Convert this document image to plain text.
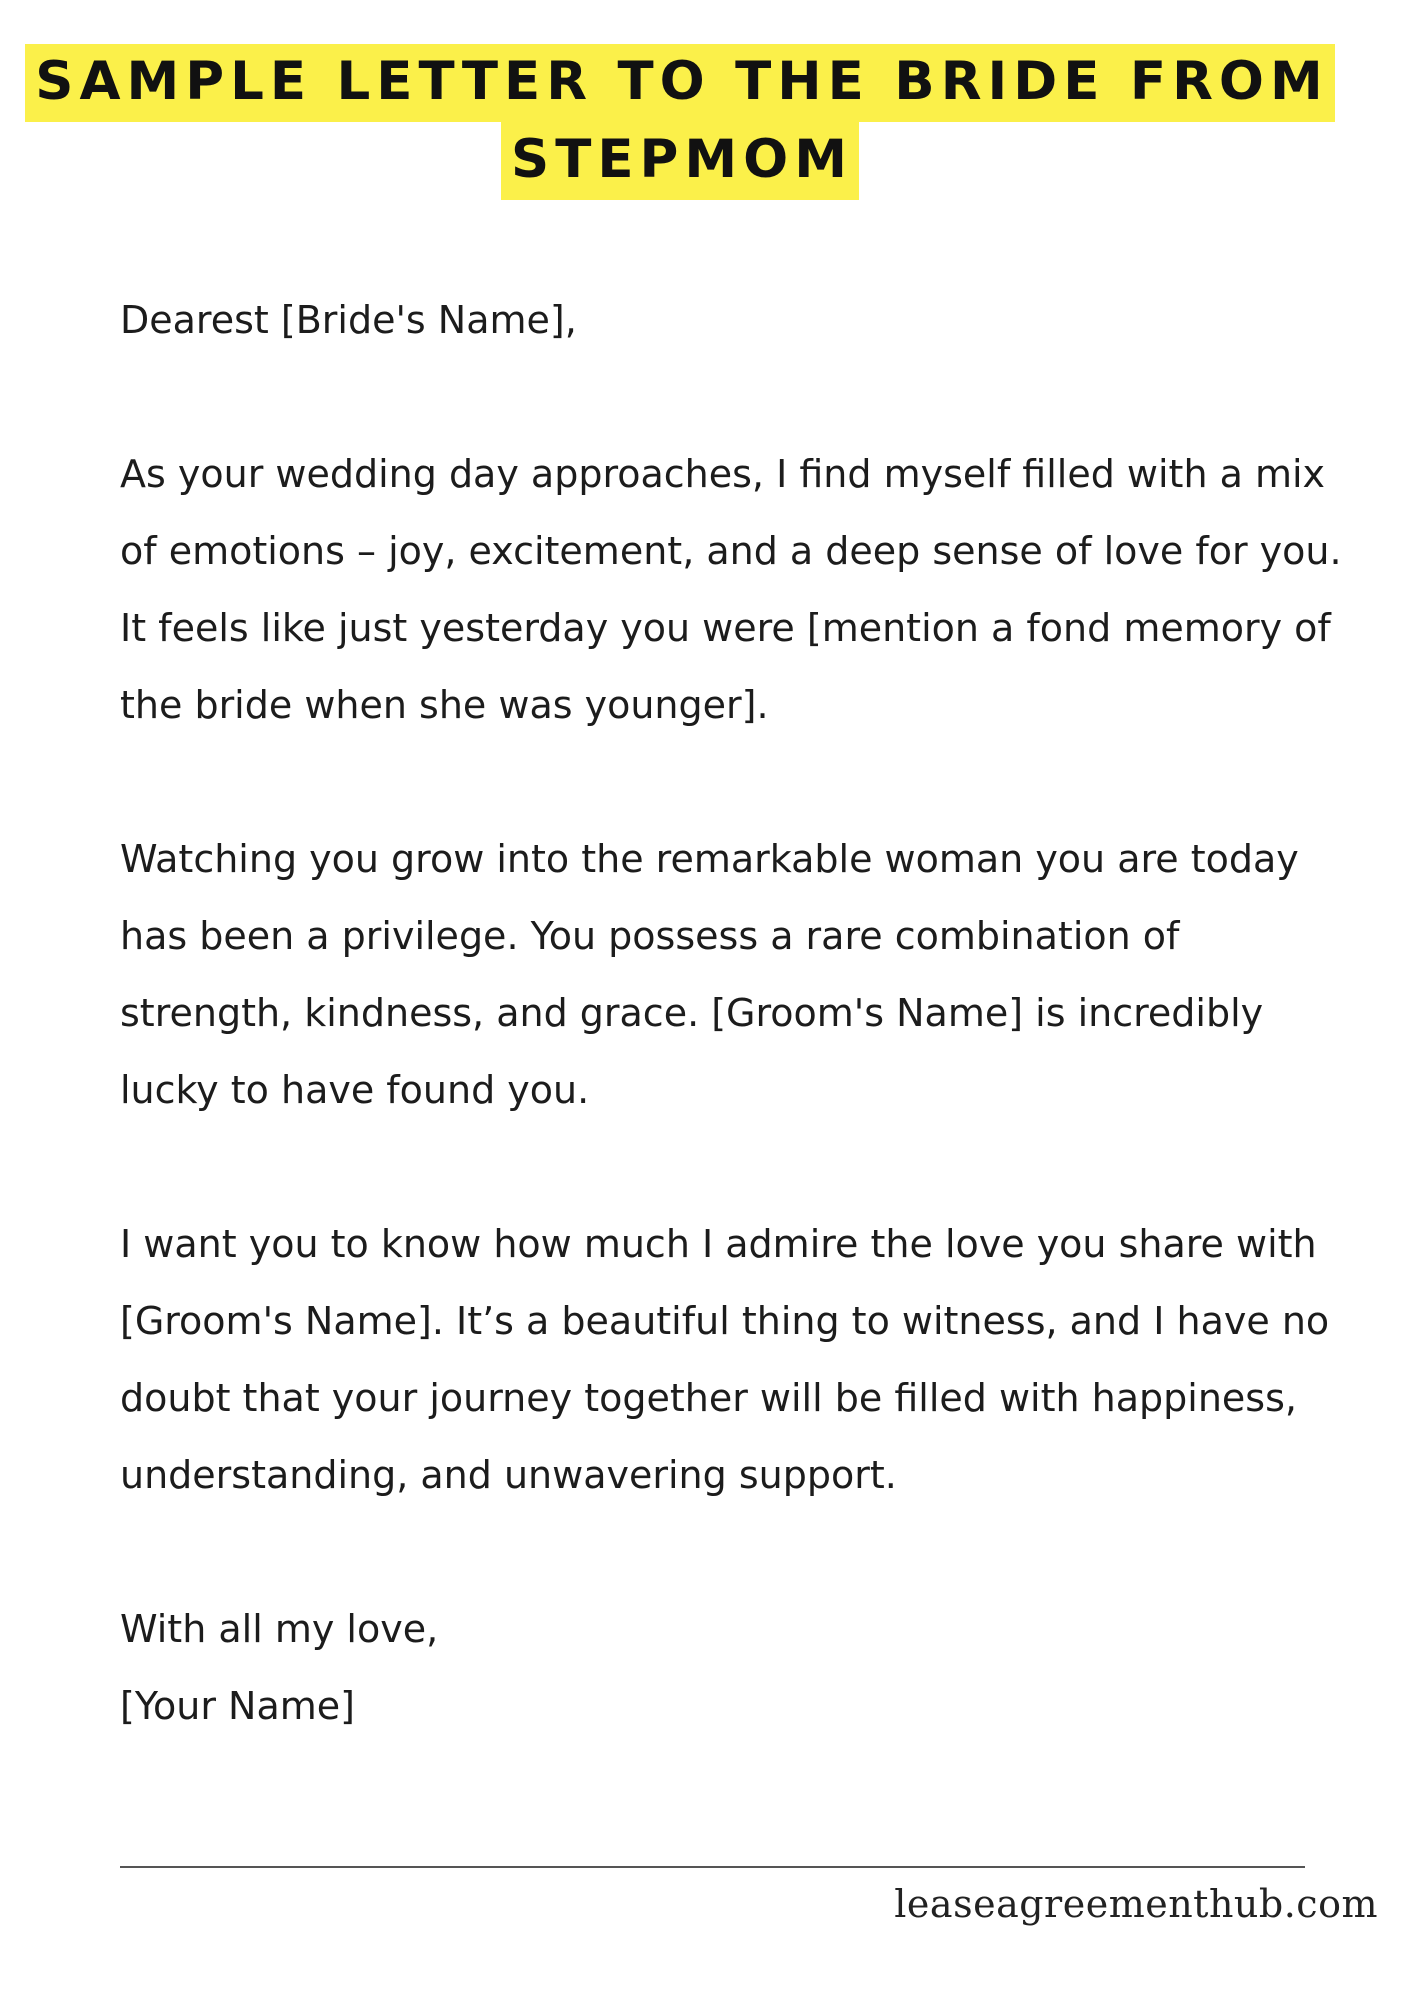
SAMPLE LETTER TO THE BRIDE FROM
STEPMOM

Dearest [Bride's Name],

As your wedding day approaches, I find myself filled with a mix of emotions – joy, excitement, and a deep sense of love for you. It feels like just yesterday you were [mention a fond memory of the bride when she was younger].

Watching you grow into the remarkable woman you are today has been a privilege. You possess a rare combination of strength, kindness, and grace. [Groom's Name] is incredibly lucky to have found you.

I want you to know how much I admire the love you share with [Groom's Name]. It’s a beautiful thing to witness, and I have no doubt that your journey together will be filled with happiness, understanding, and unwavering support.

With all my love,
[Your Name]
leaseagreementhub.com
